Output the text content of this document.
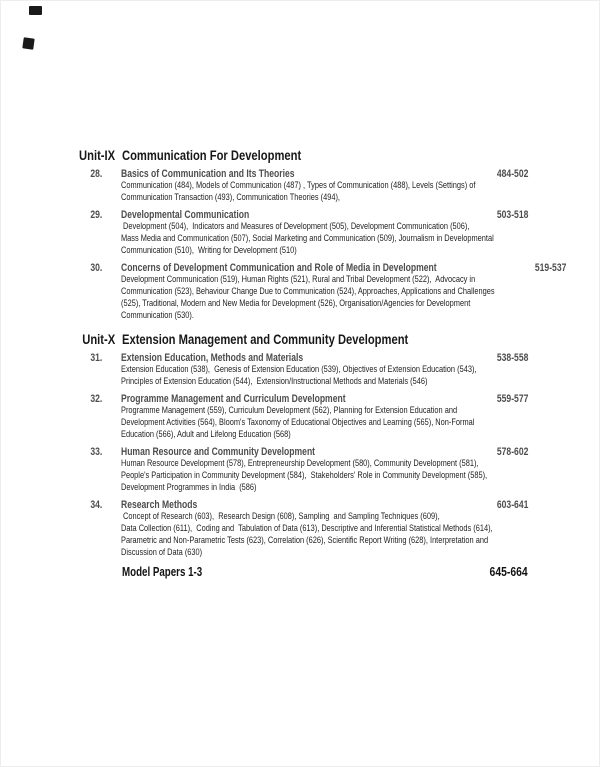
Unit-IX Communication For Development
28. Basics of Communication and Its Theories	484-502
Communication (484), Models of Communication (487) , Types of Communication (488), Levels (Settings) of
Communication Transaction (493), Communication Theories (494),
29. Developmental Communication	503-518
Development (504),  Indicators and Measures of Development (505), Development Communication (506),
Mass Media and Communication (507), Social Marketing and Communication (509), Journalism in Developmental
Communication (510),  Writing for Development (510)
30. Concerns of Development Communication and Role of Media in Development	519-537
Development Communication (519), Human Rights (521), Rural and Tribal Development (522),  Advocacy in
Communication (523), Behaviour Change Due to Communication (524), Approaches, Applications and Challenges
(525), Traditional, Modern and New Media for Development (526), Organisation/Agencies for Development
Communication (530).
Unit-X Extension Management and Community Development
31. Extension Education, Methods and Materials	538-558
Extension Education (538),  Genesis of Extension Education (539), Objectives of Extension Education (543),
Principles of Extension Education (544),  Extension/Instructional Methods and Materials (546)
32. Programme Management and Curriculum Development	559-577
Programme Management (559), Curriculum Development (562), Planning for Extension Education and
Development Activities (564), Bloom's Taxonomy of Educational Objectives and Learning (565), Non-Formal
Education (566), Adult and Lifelong Education (568)
33. Human Resource and Community Development	578-602
Human Resource Development (578), Entrepreneurship Development (580), Community Development (581),
People's Participation in Community Development (584),  Stakeholders' Role in Community Development (585),
Development Programmes in India  (586)
34. Research Methods	603-641
Concept of Research (603),  Research Design (608), Sampling  and Sampling Techniques (609),
Data Collection (611),  Coding and  Tabulation of Data (613), Descriptive and Inferential Statistical Methods (614),
Parametric and Non-Parametric Tests (623), Correlation (626), Scientific Report Writing (628), Interpretation and
Discussion of Data (630)
Model Papers 1-3	645-664
